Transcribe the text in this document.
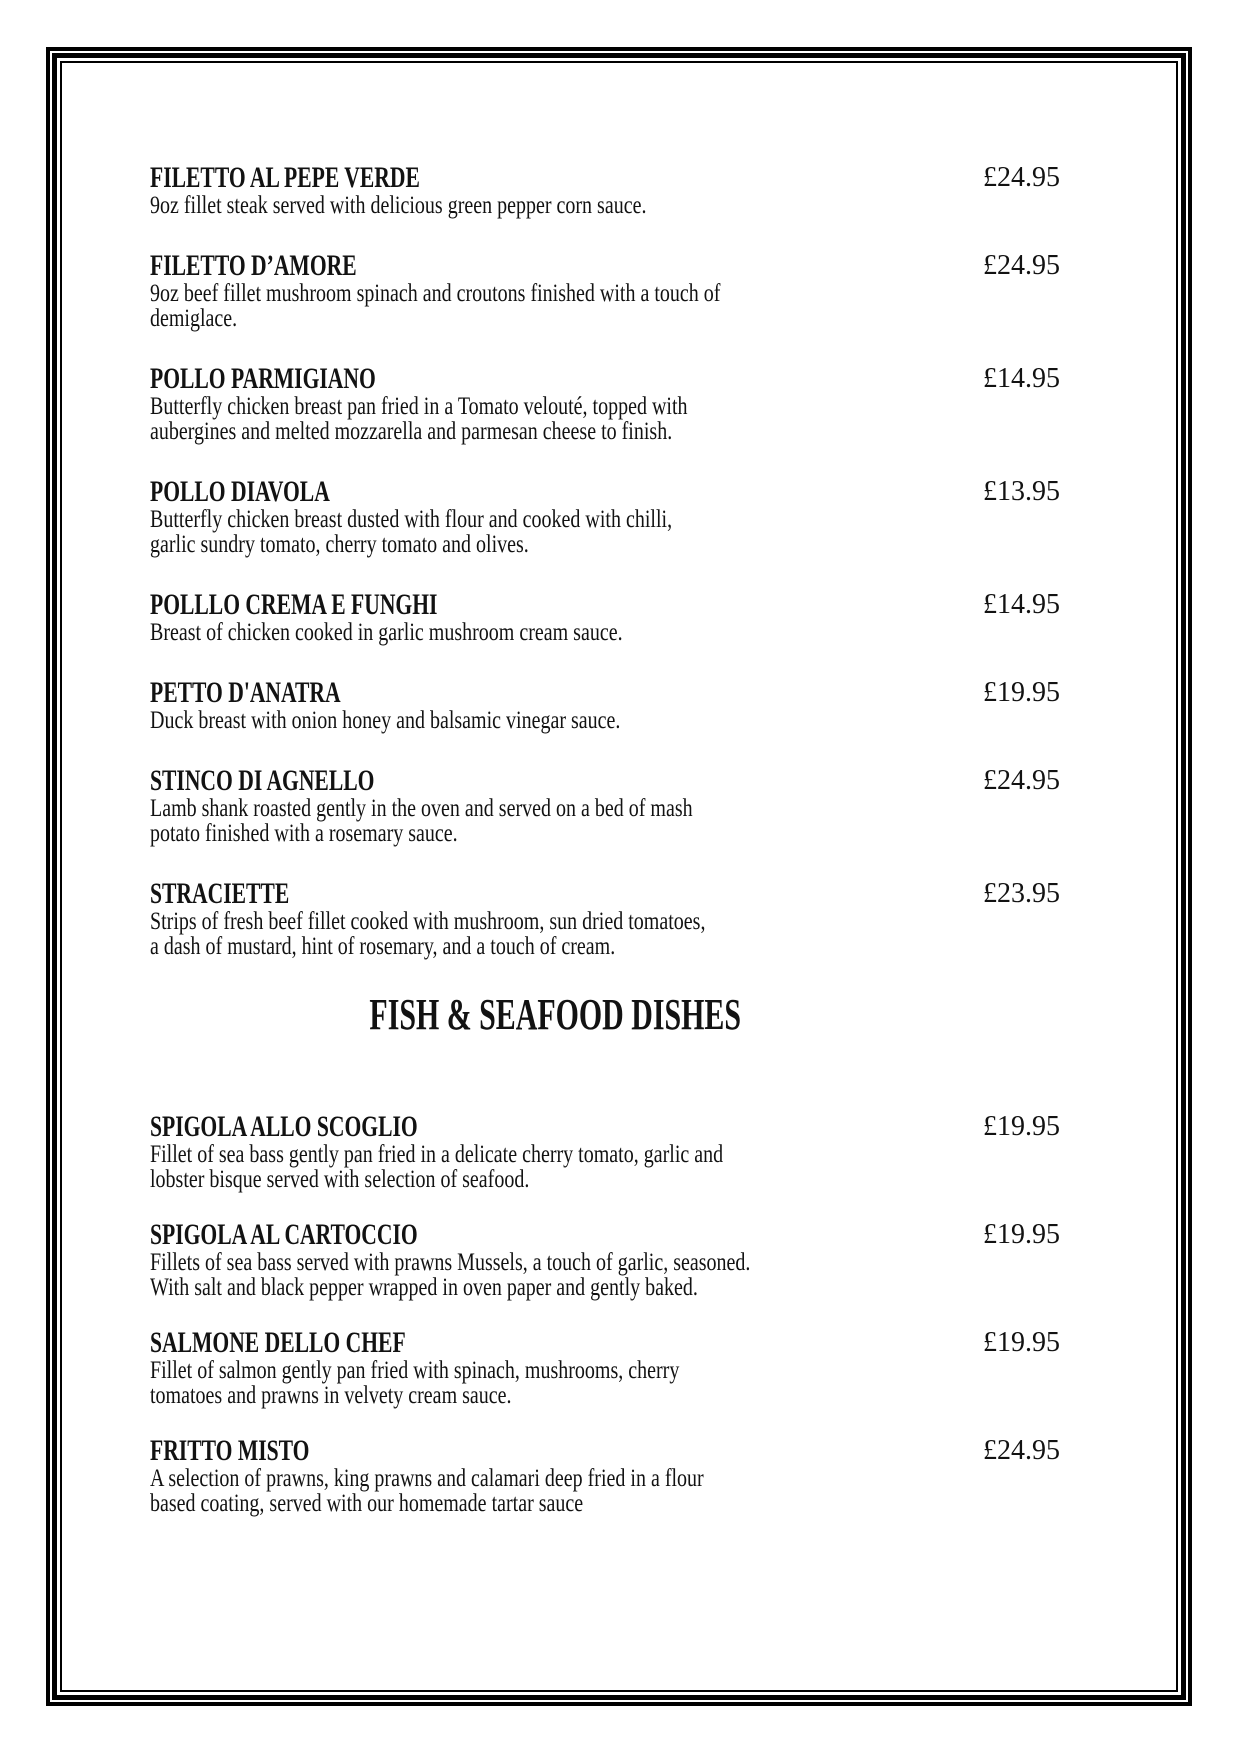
FILETTO AL PEPE VERDE	£24.95
9oz fillet steak served with delicious green pepper corn sauce.
FILETTO D’AMORE	£24.95
9oz beef fillet mushroom spinach and croutons finished with a touch of
demiglace.
POLLO PARMIGIANO	£14.95
Butterfly chicken breast pan fried in a Tomato velouté, topped with
aubergines and melted mozzarella and parmesan cheese to finish.
POLLO DIAVOLA	£13.95
Butterfly chicken breast dusted with flour and cooked with chilli,
garlic sundry tomato, cherry tomato and olives.
POLLLO CREMA E FUNGHI	£14.95
Breast of chicken cooked in garlic mushroom cream sauce.
PETTO D'ANATRA	£19.95
Duck breast with onion honey and balsamic vinegar sauce.
STINCO DI AGNELLO	£24.95
Lamb shank roasted gently in the oven and served on a bed of mash
potato finished with a rosemary sauce.
STRACIETTE	£23.95
Strips of fresh beef fillet cooked with mushroom, sun dried tomatoes,
a dash of mustard, hint of rosemary, and a touch of cream.
FISH & SEAFOOD DISHES
SPIGOLA ALLO SCOGLIO	£19.95
Fillet of sea bass gently pan fried in a delicate cherry tomato, garlic and
lobster bisque served with selection of seafood.
SPIGOLA AL CARTOCCIO	£19.95
Fillets of sea bass served with prawns Mussels, a touch of garlic, seasoned.
With salt and black pepper wrapped in oven paper and gently baked.
SALMONE DELLO CHEF	£19.95
Fillet of salmon gently pan fried with spinach, mushrooms, cherry
tomatoes and prawns in velvety cream sauce.
FRITTO MISTO	£24.95
A selection of prawns, king prawns and calamari deep fried in a flour
based coating, served with our homemade tartar sauce
